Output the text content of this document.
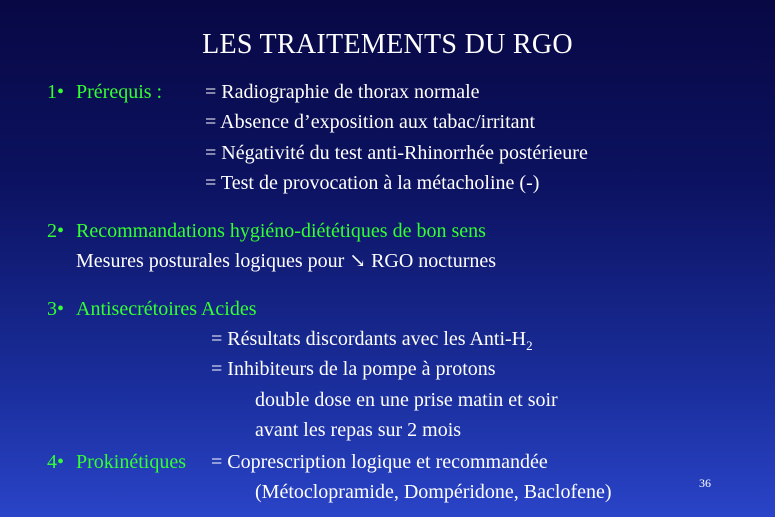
LES TRAITEMENTS DU RGO
1• Prérequis : = Radiographie de thorax normale
= Absence d’exposition aux tabac/irritant
= Négativité du test anti-Rhinorrhée postérieure
= Test de provocation à la métacholine (-)
2• Recommandations hygiéno-diététiques de bon sens
Mesures posturales logiques pour ↘ RGO nocturnes
3• Antisecrétoires Acides
= Résultats discordants avec les Anti-$H_2$
= Inhibiteurs de la pompe à protons
double dose en une prise matin et soir
avant les repas sur 2 mois
4• Prokinétiques = Coprescription logique et recommandée
(Métoclopramide, Dompéridone, Baclofene)	36
